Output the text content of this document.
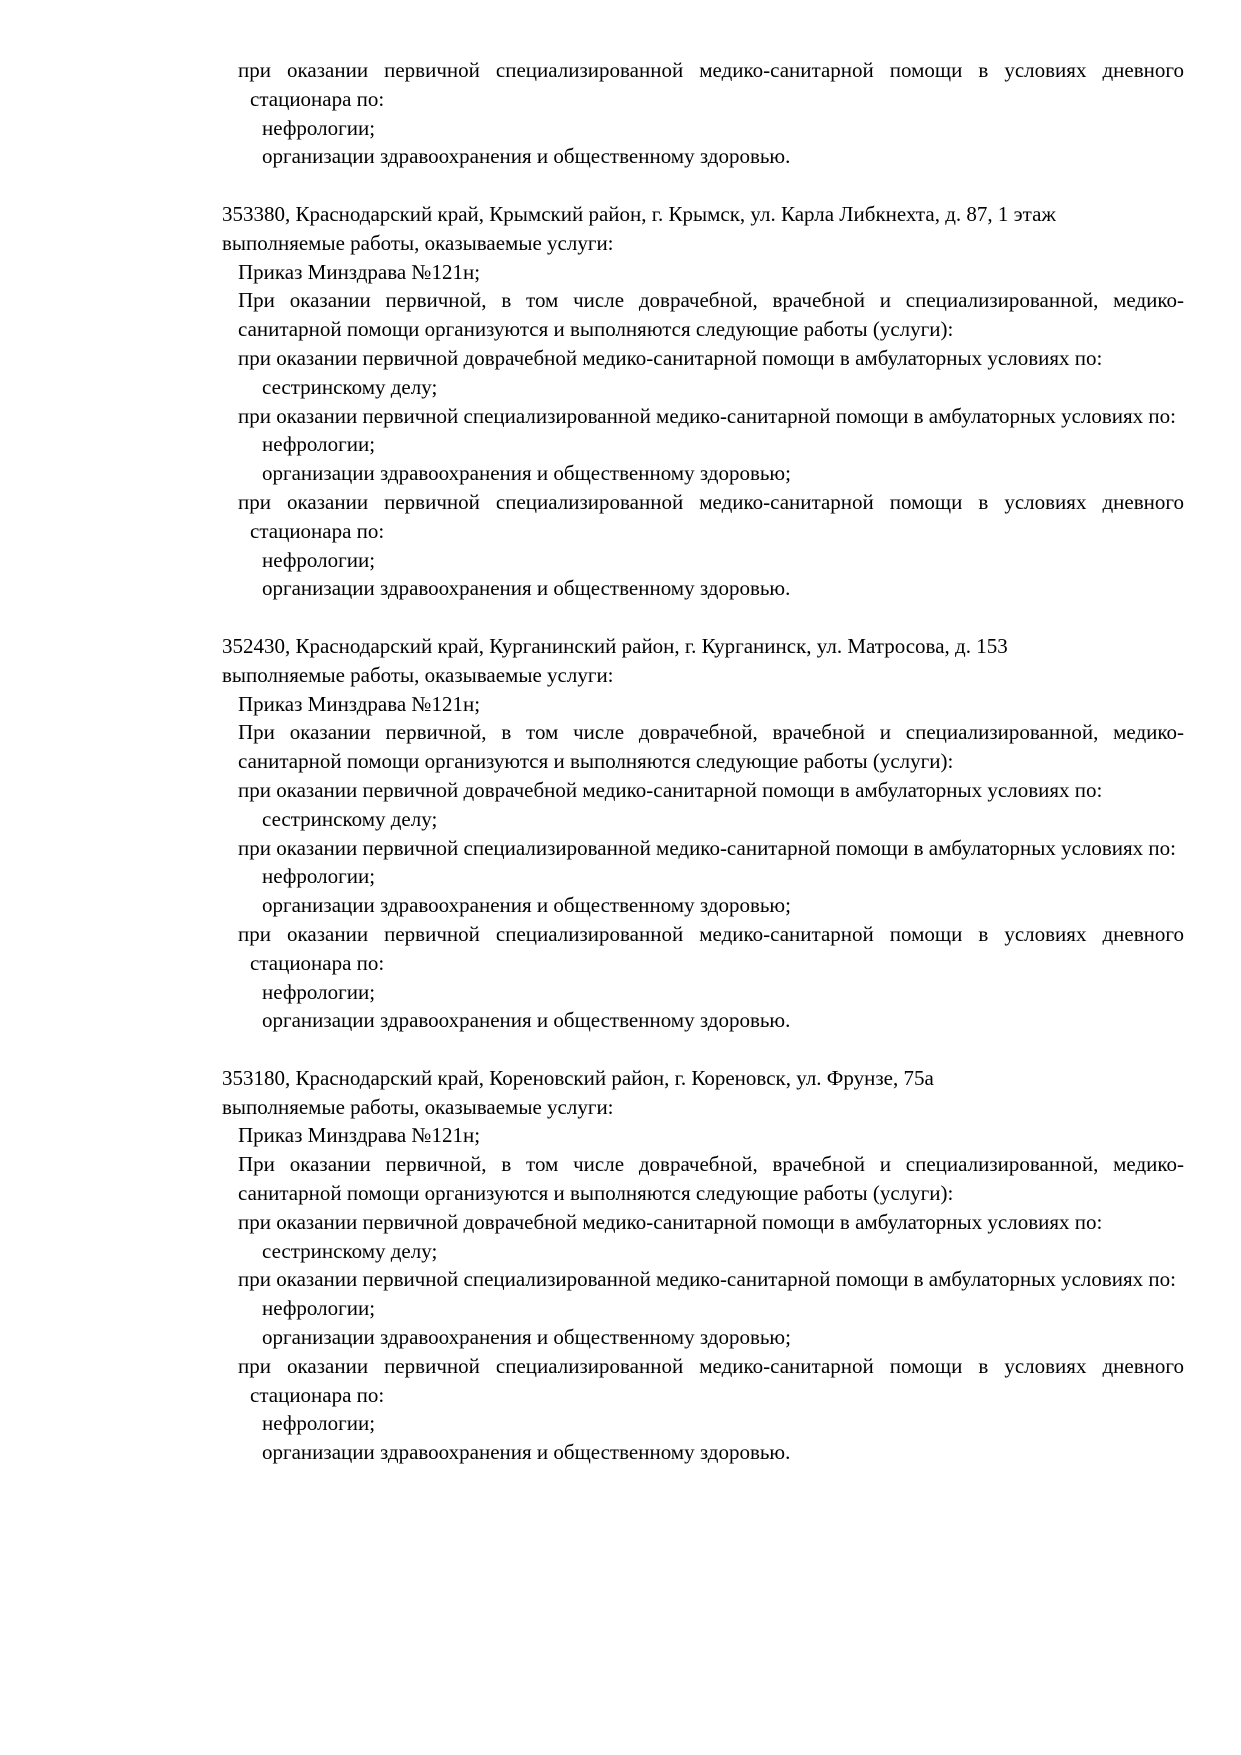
при оказании первичной специализированной медико-санитарной помощи в условиях дневного стационара по:
нефрологии;
организации здравоохранения и общественному здоровью.
353380, Краснодарский край, Крымский район, г. Крымск, ул. Карла Либкнехта, д. 87, 1 этаж
выполняемые работы, оказываемые услуги:
Приказ Минздрава №121н;
При оказании первичной, в том числе доврачебной, врачебной и специализированной, медико-санитарной помощи организуются и выполняются следующие работы (услуги):
при оказании первичной доврачебной медико-санитарной помощи в амбулаторных условиях по:
сестринскому делу;
при оказании первичной специализированной медико-санитарной помощи в амбулаторных условиях по:
нефрологии;
организации здравоохранения и общественному здоровью;
при оказании первичной специализированной медико-санитарной помощи в условиях дневного стационара по:
нефрологии;
организации здравоохранения и общественному здоровью.
352430, Краснодарский край, Курганинский район, г. Курганинск, ул. Матросова, д. 153
выполняемые работы, оказываемые услуги:
Приказ Минздрава №121н;
При оказании первичной, в том числе доврачебной, врачебной и специализированной, медико-санитарной помощи организуются и выполняются следующие работы (услуги):
при оказании первичной доврачебной медико-санитарной помощи в амбулаторных условиях по:
сестринскому делу;
при оказании первичной специализированной медико-санитарной помощи в амбулаторных условиях по:
нефрологии;
организации здравоохранения и общественному здоровью;
при оказании первичной специализированной медико-санитарной помощи в условиях дневного стационара по:
нефрологии;
организации здравоохранения и общественному здоровью.
353180, Краснодарский край, Кореновский район, г. Кореновск, ул. Фрунзе, 75а
выполняемые работы, оказываемые услуги:
Приказ Минздрава №121н;
При оказании первичной, в том числе доврачебной, врачебной и специализированной, медико-санитарной помощи организуются и выполняются следующие работы (услуги):
при оказании первичной доврачебной медико-санитарной помощи в амбулаторных условиях по:
сестринскому делу;
при оказании первичной специализированной медико-санитарной помощи в амбулаторных условиях по:
нефрологии;
организации здравоохранения и общественному здоровью;
при оказании первичной специализированной медико-санитарной помощи в условиях дневного стационара по:
нефрологии;
организации здравоохранения и общественному здоровью.
